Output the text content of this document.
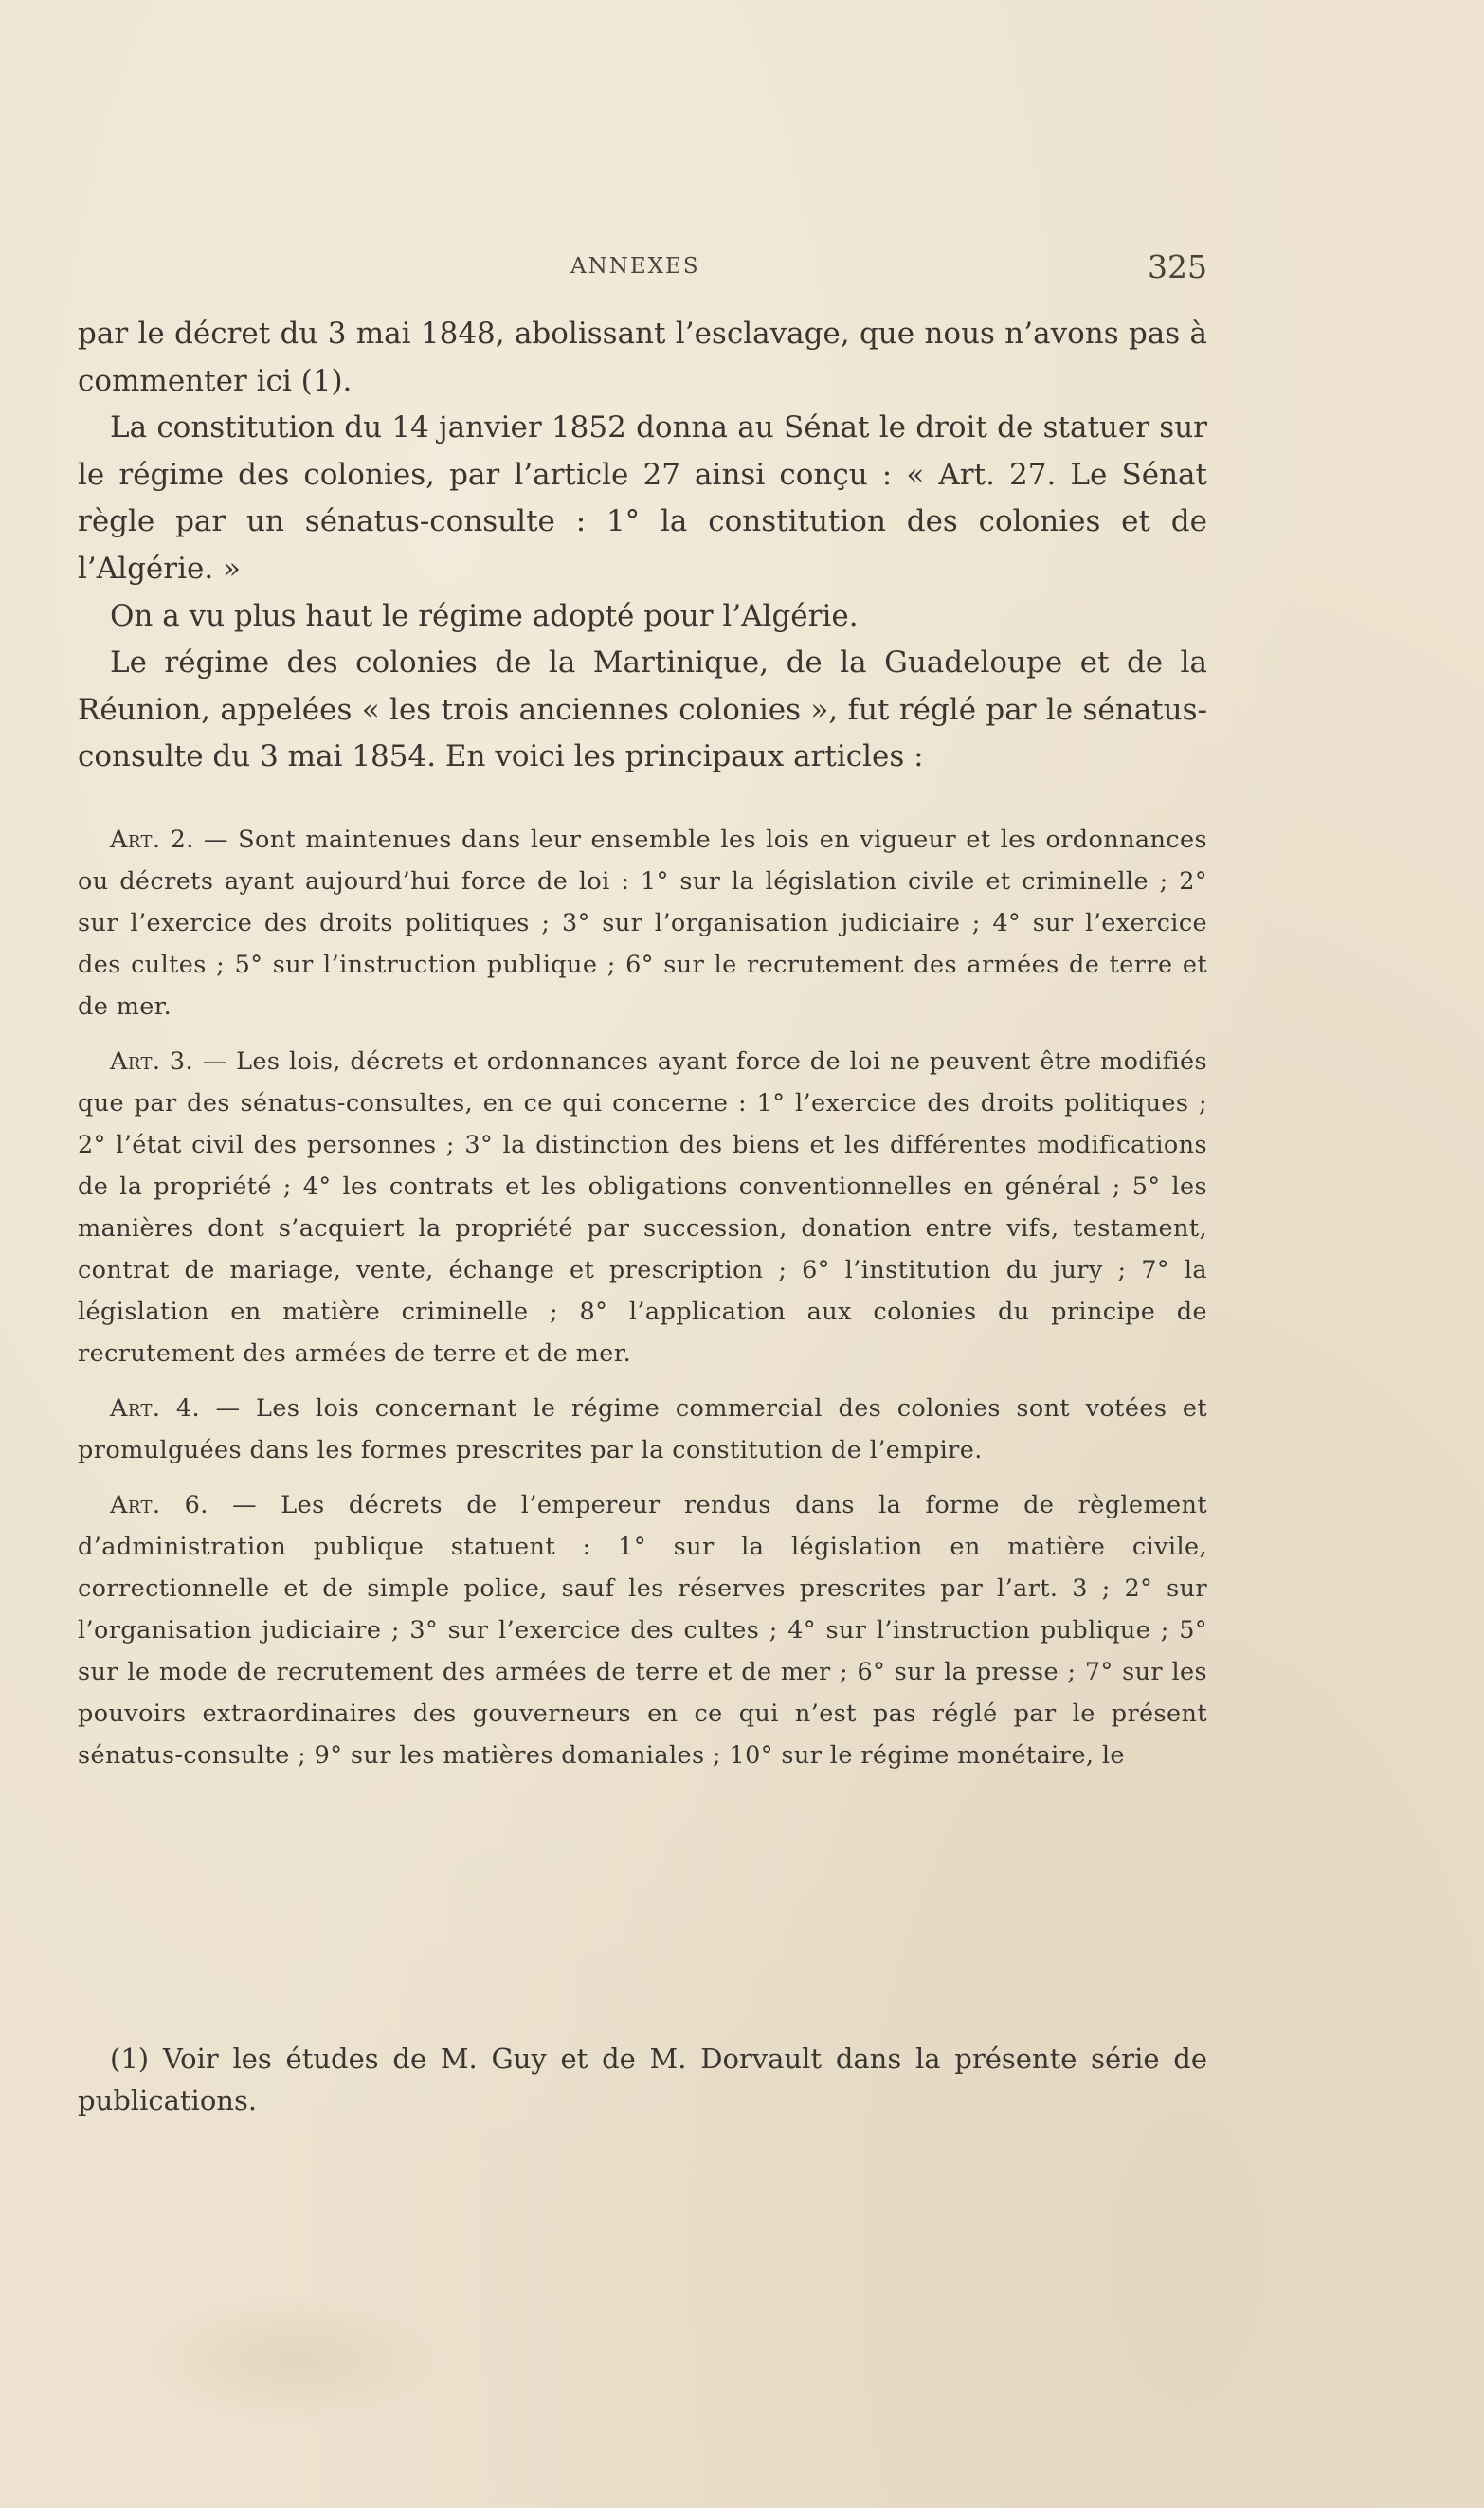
ANNEXES	325

par le décret du 3 mai 1848, abolissant l’esclavage, que nous n’avons pas à commenter ici (1).

La constitution du 14 janvier 1852 donna au Sénat le droit de statuer sur le régime des colonies, par l’article 27 ainsi conçu : « Art. 27. Le Sénat règle par un sénatus-consulte : 1° la constitution des colonies et de l’Algérie. »

On a vu plus haut le régime adopté pour l’Algérie.

Le régime des colonies de la Martinique, de la Guadeloupe et de la Réunion, appelées « les trois anciennes colonies », fut réglé par le sénatus-consulte du 3 mai 1854. En voici les principaux articles :

Art. 2. — Sont maintenues dans leur ensemble les lois en vigueur et les ordonnances ou décrets ayant aujourd’hui force de loi : 1° sur la législation civile et criminelle ; 2° sur l’exercice des droits politiques ; 3° sur l’organisation judiciaire ; 4° sur l’exercice des cultes ; 5° sur l’instruction publique ; 6° sur le recrutement des armées de terre et de mer.

Art. 3. — Les lois, décrets et ordonnances ayant force de loi ne peuvent être modifiés que par des sénatus-consultes, en ce qui concerne : 1° l’exercice des droits politiques ; 2° l’état civil des personnes ; 3° la distinction des biens et les différentes modifications de la propriété ; 4° les contrats et les obligations conventionnelles en général ; 5° les manières dont s’acquiert la propriété par succession, donation entre vifs, testament, contrat de mariage, vente, échange et prescription ; 6° l’institution du jury ; 7° la législation en matière criminelle ; 8° l’application aux colonies du principe de recrutement des armées de terre et de mer.

Art. 4. — Les lois concernant le régime commercial des colonies sont votées et promulguées dans les formes prescrites par la constitution de l’empire.

Art. 6. — Les décrets de l’empereur rendus dans la forme de règlement d’administration publique statuent : 1° sur la législation en matière civile, correctionnelle et de simple police, sauf les réserves prescrites par l’art. 3 ; 2° sur l’organisation judiciaire ; 3° sur l’exercice des cultes ; 4° sur l’instruction publique ; 5° sur le mode de recrutement des armées de terre et de mer ; 6° sur la presse ; 7° sur les pouvoirs extraordinaires des gouverneurs en ce qui n’est pas réglé par le présent sénatus-consulte ; 9° sur les matières domaniales ; 10° sur le régime monétaire, le

(1) Voir les études de M. Guy et de M. Dorvault dans la présente série de publications.
